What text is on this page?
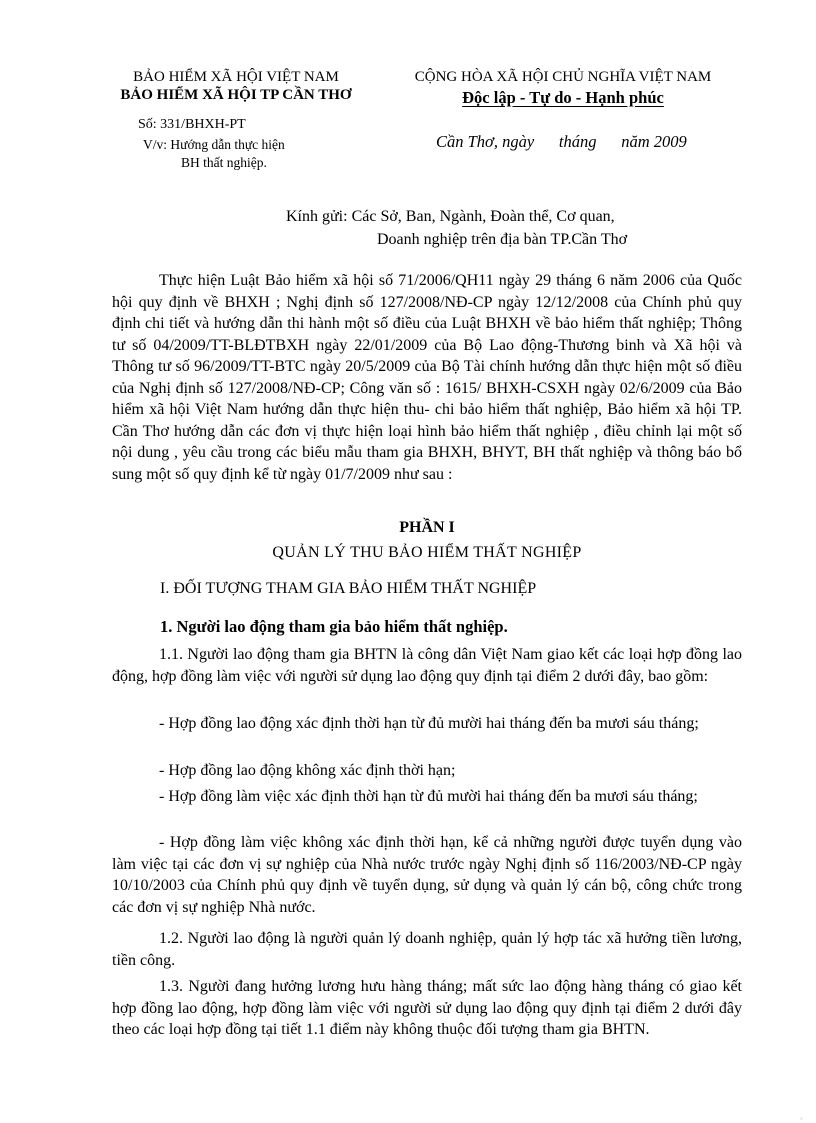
BẢO HIỂM XÃ HỘI VIỆT NAM
BẢO HIỂM XÃ HỘI TP CẦN THƠ
Số: 331/BHXH-PT
V/v: Hướng dẫn thực hiện
BH thất nghiệp.
CỘNG HÒA XÃ HỘI CHỦ NGHĨA VIỆT NAM
Độc lập - Tự do - Hạnh phúc
Cần Thơ, ngày      tháng      năm 2009
Kính gửi: Các Sở, Ban, Ngành, Đoàn thể, Cơ quan,
Doanh nghiệp trên địa bàn TP.Cần Thơ

Thực hiện Luật Bảo hiểm xã hội số 71/2006/QH11 ngày 29 tháng 6 năm 2006 của Quốc hội quy định về BHXH ; Nghị định số 127/2008/NĐ-CP ngày 12/12/2008 của Chính phủ quy định chi tiết và hướng dẫn thi hành một số điều của Luật BHXH về bảo hiểm thất nghiệp; Thông tư số 04/2009/TT-BLĐTBXH ngày 22/01/2009 của Bộ Lao động-Thương binh và Xã hội và Thông tư số 96/2009/TT-BTC ngày 20/5/2009 của Bộ Tài chính hướng dẫn thực hiện một số điều của Nghị định số 127/2008/NĐ-CP; Công văn số : 1615/ BHXH-CSXH ngày 02/6/2009 của Bảo hiểm xã hội Việt Nam hướng dẫn thực hiện thu- chi bảo hiểm thất nghiệp, Bảo hiểm xã hội TP. Cần Thơ hướng dẫn các đơn vị thực hiện loại hình bảo hiểm thất nghiệp , điều chỉnh lại một số nội dung , yêu cầu trong các biểu mẫu tham gia BHXH, BHYT, BH thất nghiệp và thông báo bổ sung một số quy định kể từ ngày 01/7/2009 như sau :

PHẦN I
QUẢN LÝ THU BẢO HIỂM THẤT NGHIỆP
I. ĐỐI TƯỢNG THAM GIA BẢO HIỂM THẤT NGHIỆP
1. Người lao động tham gia bảo hiểm thất nghiệp.

1.1. Người lao động tham gia BHTN là công dân Việt Nam giao kết các loại hợp đồng lao động, hợp đồng làm việc với người sử dụng lao động quy định tại điểm 2 dưới đây, bao gồm:

- Hợp đồng lao động xác định thời hạn từ đủ mười hai tháng đến ba mươi sáu tháng;

- Hợp đồng lao động không xác định thời hạn;

- Hợp đồng làm việc xác định thời hạn từ đủ mười hai tháng đến ba mươi sáu tháng;

- Hợp đồng làm việc không xác định thời hạn, kể cả những người được tuyển dụng vào làm việc tại các đơn vị sự nghiệp của Nhà nước trước ngày Nghị định số 116/2003/NĐ-CP ngày 10/10/2003 của Chính phủ quy định về tuyển dụng, sử dụng và quản lý cán bộ, công chức trong các đơn vị sự nghiệp Nhà nước.

1.2. Người lao động là người quản lý doanh nghiệp, quản lý hợp tác xã hưởng tiền lương, tiền công.

1.3. Người đang hưởng lương hưu hàng tháng; mất sức lao động hàng tháng có giao kết hợp đồng lao động, hợp đồng làm việc với người sử dụng lao động quy định tại điểm 2 dưới đây theo các loại hợp đồng tại tiết 1.1 điểm này không thuộc đối tượng tham gia BHTN.

◦
